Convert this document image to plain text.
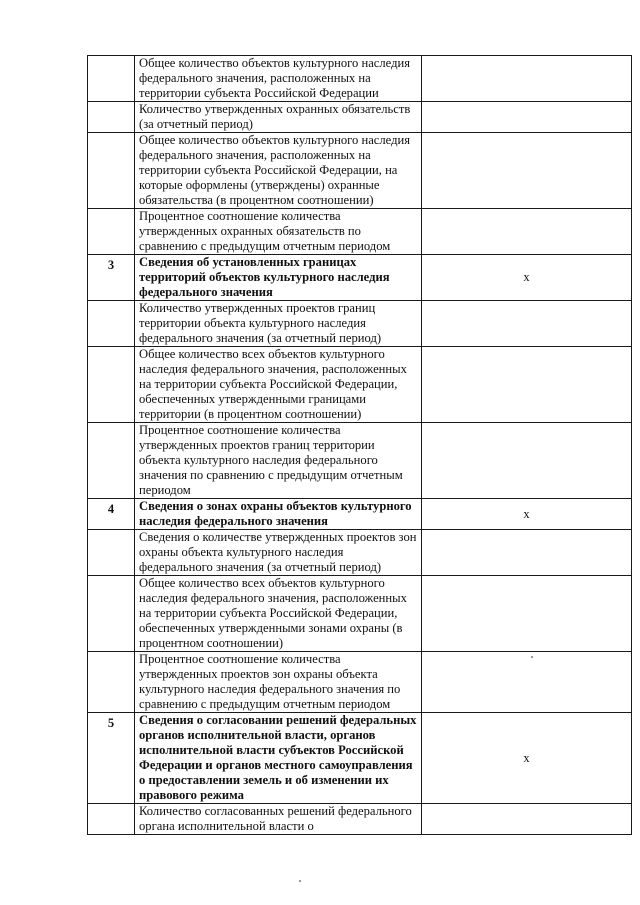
	Общее количество объектов культурного наследия федерального значения, расположенных на территории субъекта Российской Федерации	
	Количество утвержденных охранных обязательств (за отчетный период)	
	Общее количество объектов культурного наследия федерального значения, расположенных на территории субъекта Российской Федерации, на которые оформлены (утверждены) охранные обязательства (в процентном соотношении)	
	Процентное соотношение количества утвержденных охранных обязательств по сравнению с предыдущим отчетным периодом	
3	Сведения об установленных границах территорий объектов культурного наследия федерального значения	х
	Количество утвержденных проектов границ территории объекта культурного наследия федерального значения (за отчетный период)	
	Общее количество всех объектов культурного наследия федерального значения, расположенных на территории субъекта Российской Федерации, обеспеченных утвержденными границами территории (в процентном соотношении)	
	Процентное соотношение количества утвержденных проектов границ территории объекта культурного наследия федерального значения по сравнению с предыдущим отчетным периодом	
4	Сведения о зонах охраны объектов культурного наследия федерального значения	х
	Сведения о количестве утвержденных проектов зон охраны объекта культурного наследия федерального значения (за отчетный период)	
	Общее количество всех объектов культурного наследия федерального значения, расположенных на территории субъекта Российской Федерации, обеспеченных утвержденными зонами охраны (в процентном соотношении)	
	Процентное соотношение количества утвержденных проектов зон охраны объекта культурного наследия федерального значения по сравнению с предыдущим отчетным периодом	
5	Сведения о согласовании решений федеральных органов исполнительной власти, органов исполнительной власти субъектов Российской Федерации и органов местного самоуправления о предоставлении земель и об изменении их правового режима	х
	Количество согласованных решений федерального органа исполнительной власти о	
